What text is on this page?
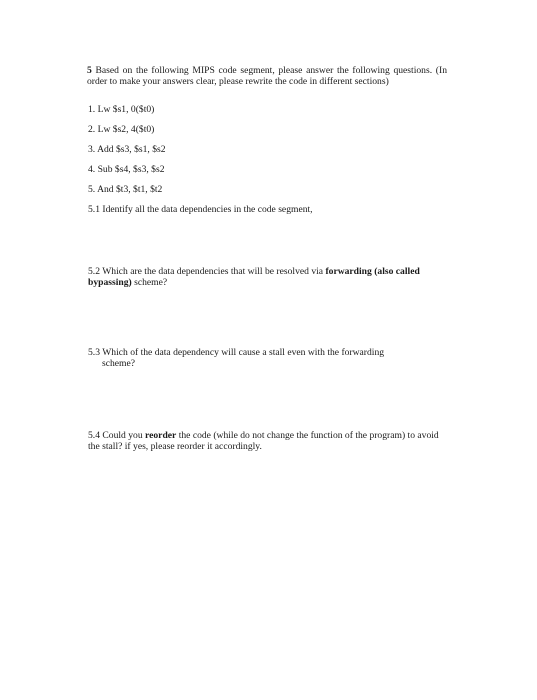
5 Based on the following MIPS code segment, please answer the following questions. (In order to make your answers clear, please rewrite the code in different sections)
1. Lw $s1, 0($t0)
2. Lw $s2, 4($t0)
3. Add $s3, $s1, $s2
4. Sub $s4, $s3, $s2
5. And $t3, $t1, $t2
5.1 Identify all the data dependencies in the code segment,
5.2 Which are the data dependencies that will be resolved via forwarding (also called bypassing) scheme?
5.3 Which of the data dependency will cause a stall even with the forwarding
scheme?
5.4 Could you reorder the code (while do not change the function of the program) to avoid the stall? if yes, please reorder it accordingly.
